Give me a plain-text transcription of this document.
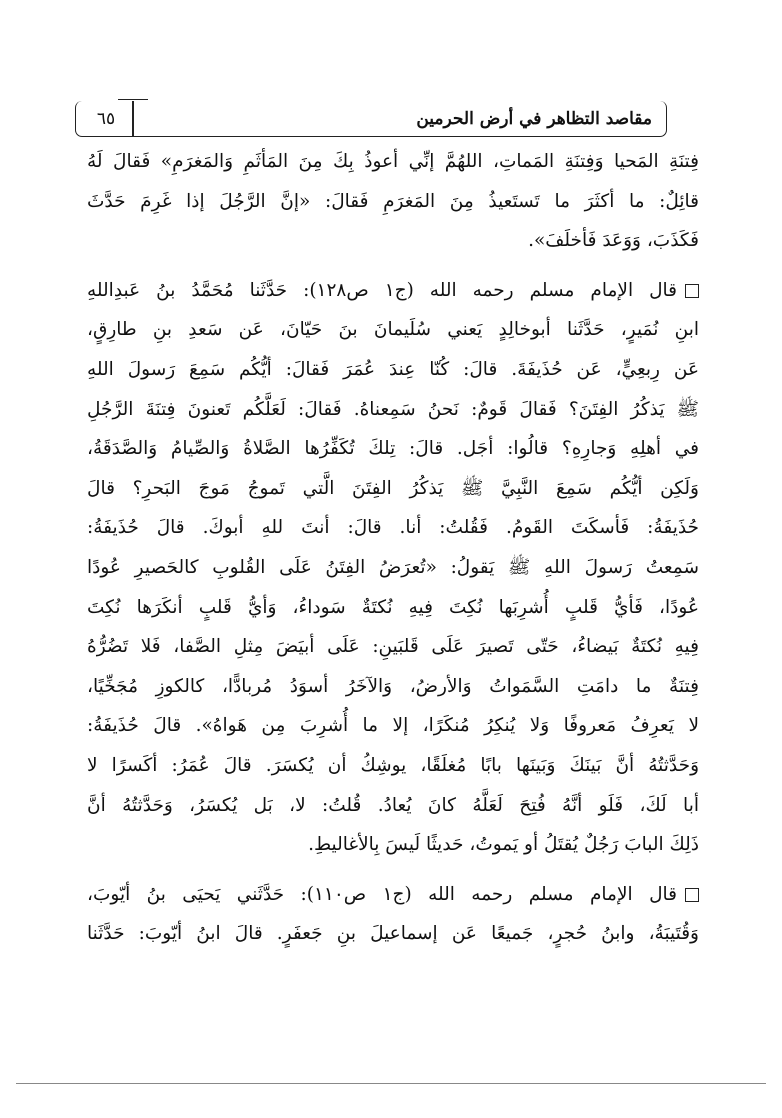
مقاصد التظاهر في أرض الحرمين
٦٥
فِتنَةِ المَحيا وَفِتنَةِ المَماتِ، اللهُمَّ إنِّي أعوذُ بِكَ مِنَ المَأثَمِ وَالمَغرَمِ» فَقالَ لَهُ
قائِلٌ: ما أكثَرَ ما تَستَعيذُ مِنَ المَغرَمِ فَقالَ: «إنَّ الرَّجُلَ إذا غَرِمَ حَدَّثَ
فَكَذَبَ، وَوَعَدَ فَأخلَفَ».
قال الإمام مسلم رحمه الله (ج١ ص١٢٨): حَدَّثَنا مُحَمَّدُ بنُ عَبدِاللهِ
ابنِ نُمَيرٍ، حَدَّثَنا أبوخالِدٍ يَعني سُلَيمانَ بنَ حَيّانَ، عَن سَعدِ بنِ طارِقٍ،
عَن رِبعِيٍّ، عَن حُذَيفَةَ. قالَ: كُنّا عِندَ عُمَرَ فَقالَ: أيُّكُم سَمِعَ رَسولَ اللهِ
ﷺ يَذكُرُ الفِتَنَ؟ فَقالَ قَومٌ: نَحنُ سَمِعناهُ. فَقالَ: لَعَلَّكُم تَعنونَ فِتنَةَ الرَّجُلِ
في أهلِهِ وَجارِهِ؟ قالُوا: أجَل. قالَ: تِلكَ تُكَفِّرُها الصَّلاةُ وَالصِّيامُ وَالصَّدَقَةُ،
وَلَكِن أيُّكُم سَمِعَ النَّبِيَّ ﷺ يَذكُرُ الفِتَنَ الَّتي تَموجُ مَوجَ البَحرِ؟ قالَ
حُذَيفَةُ: فَأسكَتَ القَومُ. فَقُلتُ: أنا. قالَ: أنتَ للهِ أبوكَ. قالَ حُذَيفَةُ:
سَمِعتُ رَسولَ اللهِ ﷺ يَقولُ: «تُعرَضُ الفِتَنُ عَلَى القُلوبِ كالحَصيرِ عُودًا
عُودًا، فَأيُّ قَلبٍ أُشرِبَها نُكِتَ فِيهِ نُكتَةٌ سَوداءُ، وَأيُّ قَلبٍ أنكَرَها نُكِتَ
فِيهِ نُكتَةٌ بَيضاءُ، حَتّى تَصيرَ عَلَى قَلبَينِ: عَلَى أبيَضَ مِثلِ الصَّفا، فَلا تَضُرُّهُ
فِتنَةٌ ما دامَتِ السَّمَواتُ وَالأرضُ، وَالآخَرُ أسوَدُ مُربادًّا، كالكوزِ مُجَخِّيًا،
لا يَعرِفُ مَعروفًا وَلا يُنكِرُ مُنكَرًا، إلا ما أُشرِبَ مِن هَواهُ». قالَ حُذَيفَةُ:
وَحَدَّثتُهُ أنَّ بَينَكَ وَبَينَها بابًا مُغلَقًا، يوشِكُ أن يُكسَرَ. قالَ عُمَرُ: أكَسرًا لا
أبا لَكَ، فَلَو أنَّهُ فُتِحَ لَعَلَّهُ كانَ يُعادُ. قُلتُ: لا، بَل يُكسَرُ، وَحَدَّثتُهُ أنَّ
ذَلِكَ البابَ رَجُلٌ يُقتَلُ أو يَموتُ، حَديثًا لَيسَ بِالأغاليطِ.
قال الإمام مسلم رحمه الله (ج١ ص١١٠): حَدَّثَني يَحيَى بنُ أيّوبَ،
وَقُتَيبَةُ، وابنُ حُجرٍ، جَميعًا عَن إسماعيلَ بنِ جَعفَرٍ. قالَ ابنُ أيّوبَ: حَدَّثَنا
